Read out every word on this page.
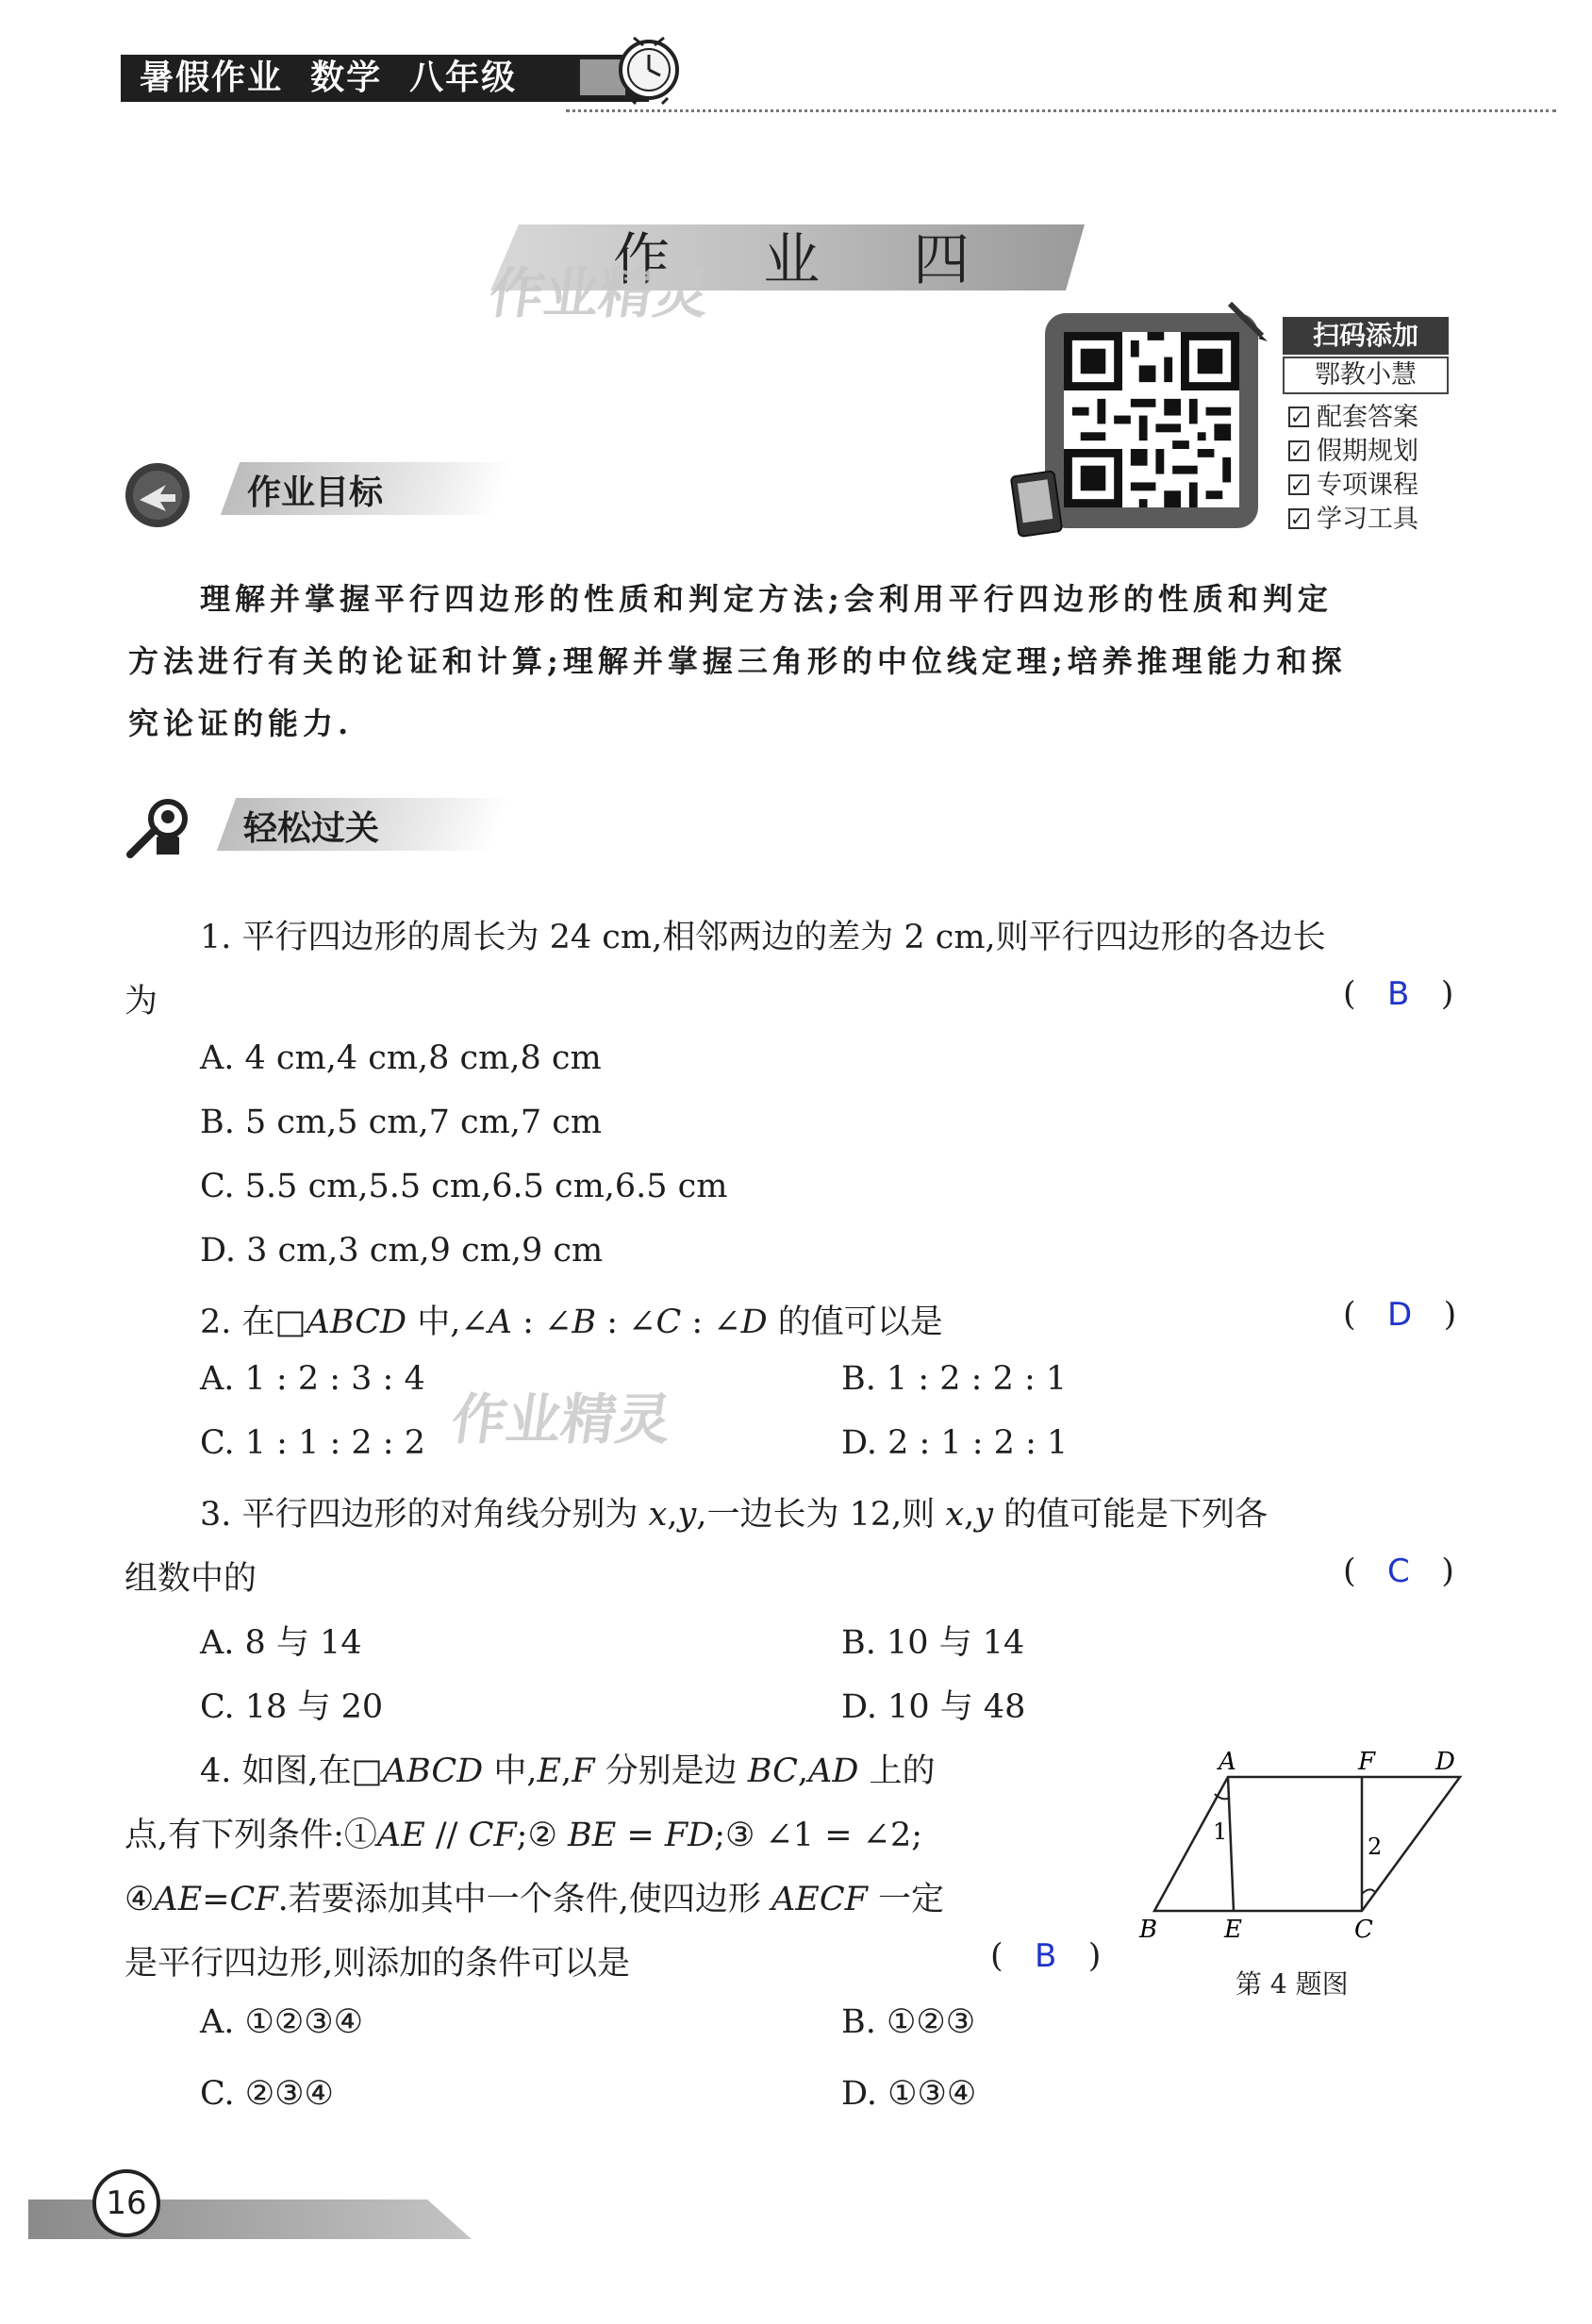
暑假作业  数学  八年级
作 业 四
作业精灵
扫码添加
鄂教小慧
✓配套答案
✓假期规划
✓专项课程
✓学习工具
作业目标
理解并掌握平行四边形的性质和判定方法;会利用平行四边形的性质和判定
方法进行有关的论证和计算;理解并掌握三角形的中位线定理;培养推理能力和探
究论证的能力.
轻松过关
1. 平行四边形的周长为 24 cm,相邻两边的差为 2 cm,则平行四边形的各边长
为	( B )
A. 4 cm,4 cm,8 cm,8 cm
B. 5 cm,5 cm,7 cm,7 cm
C. 5.5 cm,5.5 cm,6.5 cm,6.5 cm
D. 3 cm,3 cm,9 cm,9 cm
2. 在□ABCD 中,∠A : ∠B : ∠C : ∠D 的值可以是	( D )
A. 1 : 2 : 3 : 4	B. 1 : 2 : 2 : 1
C. 1 : 1 : 2 : 2	D. 2 : 1 : 2 : 1
作业精灵
3. 平行四边形的对角线分别为 x,y,一边长为 12,则 x,y 的值可能是下列各
组数中的	( C )
A. 8 与 14	B. 10 与 14
C. 18 与 20	D. 10 与 48
4. 如图,在□ABCD 中,E,F 分别是边 BC,AD 上的
点,有下列条件:①AE // CF;② BE = FD;③ ∠1 = ∠2;
④AE=CF.若要添加其中一个条件,使四边形 AECF 一定
是平行四边形,则添加的条件可以是	( B )
A. ①②③④	B. ①②③
C. ②③④	D. ①③④
A	F D
B	E	C
1
2
第 4 题图
16
